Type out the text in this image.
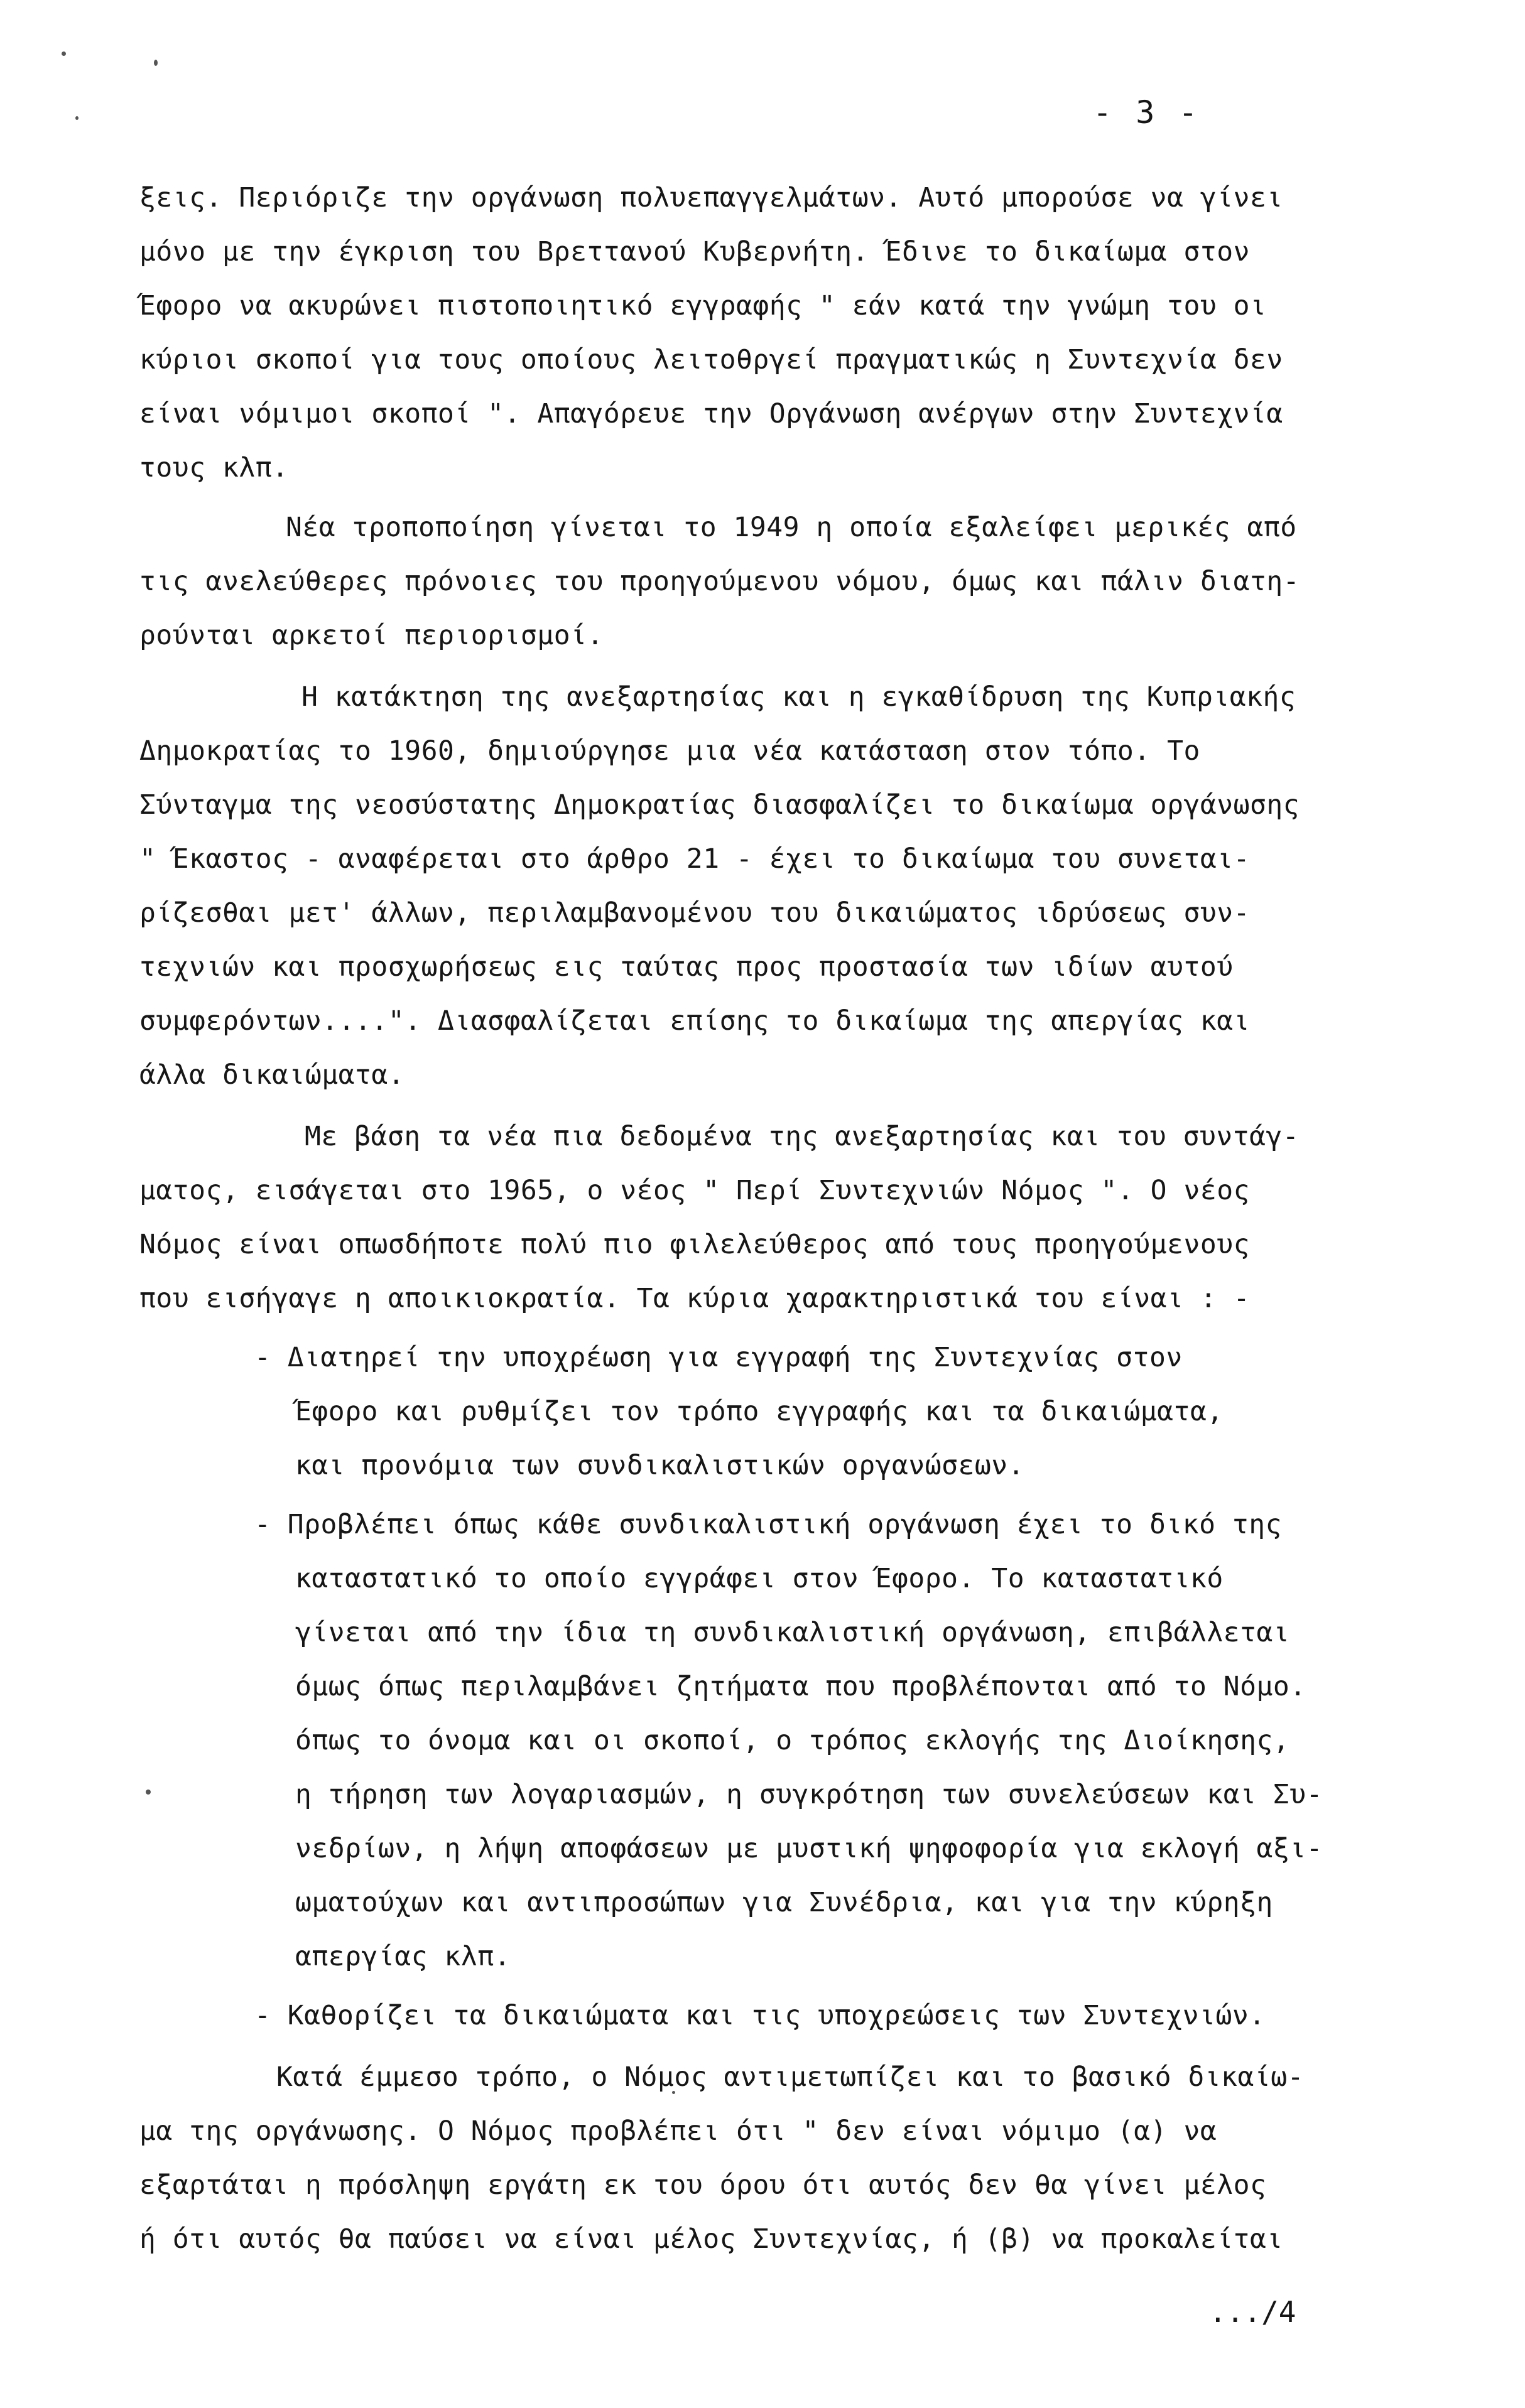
- 3 -
ξεις. Περιόριζε την οργάνωση πολυεπαγγελμάτων. Αυτό μπορούσε να γίνει
μόνο με την έγκριση του Βρεττανού Κυβερνήτη. Έδινε το δικαίωμα στον
Έφορο να ακυρώνει πιστοποιητικό εγγραφής " εάν κατά την γνώμη του οι
κύριοι σκοποί για τους οποίους λειτοθργεί πραγματικώς η Συντεχνία δεν
είναι νόμιμοι σκοποί ". Απαγόρευε την Οργάνωση ανέργων στην Συντεχνία
τους κλπ.
Νέα τροποποίηση γίνεται το 1949 η οποία εξαλείφει μερικές από
τις ανελεύθερες πρόνοιες του προηγούμενου νόμου, όμως και πάλιν διατη-
ρούνται αρκετοί περιορισμοί.
Η κατάκτηση της ανεξαρτησίας και η εγκαθίδρυση της Κυπριακής
Δημοκρατίας το 1960, δημιούργησε μια νέα κατάσταση στον τόπο. Το
Σύνταγμα της νεοσύστατης Δημοκρατίας διασφαλίζει το δικαίωμα οργάνωσης
" Έκαστος - αναφέρεται στο άρθρο 21 - έχει το δικαίωμα του συνεται-
ρίζεσθαι μετ' άλλων, περιλαμβανομένου του δικαιώματος ιδρύσεως συν-
τεχνιών και προσχωρήσεως εις ταύτας προς προστασία των ιδίων αυτού
συμφερόντων....". Διασφαλίζεται επίσης το δικαίωμα της απεργίας και
άλλα δικαιώματα.
Με βάση τα νέα πια δεδομένα της ανεξαρτησίας και του συντάγ-
ματος, εισάγεται στο 1965, ο νέος " Περί Συντεχνιών Νόμος ". Ο νέος
Νόμος είναι οπωσδήποτε πολύ πιο φιλελεύθερος από τους προηγούμενους
που εισήγαγε η αποικιοκρατία. Τα κύρια χαρακτηριστικά του είναι : -
- Διατηρεί την υποχρέωση για εγγραφή της Συντεχνίας στον
Έφορο και ρυθμίζει τον τρόπο εγγραφής και τα δικαιώματα,
και προνόμια των συνδικαλιστικών οργανώσεων.
- Προβλέπει όπως κάθε συνδικαλιστική οργάνωση έχει το δικό της
καταστατικό το οποίο εγγράφει στον Έφορο. Το καταστατικό
γίνεται από την ίδια τη συνδικαλιστική οργάνωση, επιβάλλεται
όμως όπως περιλαμβάνει ζητήματα που προβλέπονται από το Νόμο.
όπως το όνομα και οι σκοποί, ο τρόπος εκλογής της Διοίκησης,
η τήρηση των λογαριασμών, η συγκρότηση των συνελεύσεων και Συ-
νεδρίων, η λήψη αποφάσεων με μυστική ψηφοφορία για εκλογή αξι-
ωματούχων και αντιπροσώπων για Συνέδρια, και για την κύρηξη
απεργίας κλπ.
- Καθορίζει τα δικαιώματα και τις υποχρεώσεις των Συντεχνιών.
Κατά έμμεσο τρόπο, ο Νόμος αντιμετωπίζει και το βασικό δικαίω-
μα της οργάνωσης. Ο Νόμος προβλέπει ότι " δεν είναι νόμιμο (α) να
εξαρτάται η πρόσληψη εργάτη εκ του όρου ότι αυτός δεν θα γίνει μέλος
ή ότι αυτός θα παύσει να είναι μέλος Συντεχνίας, ή (β) να προκαλείται
.../4
